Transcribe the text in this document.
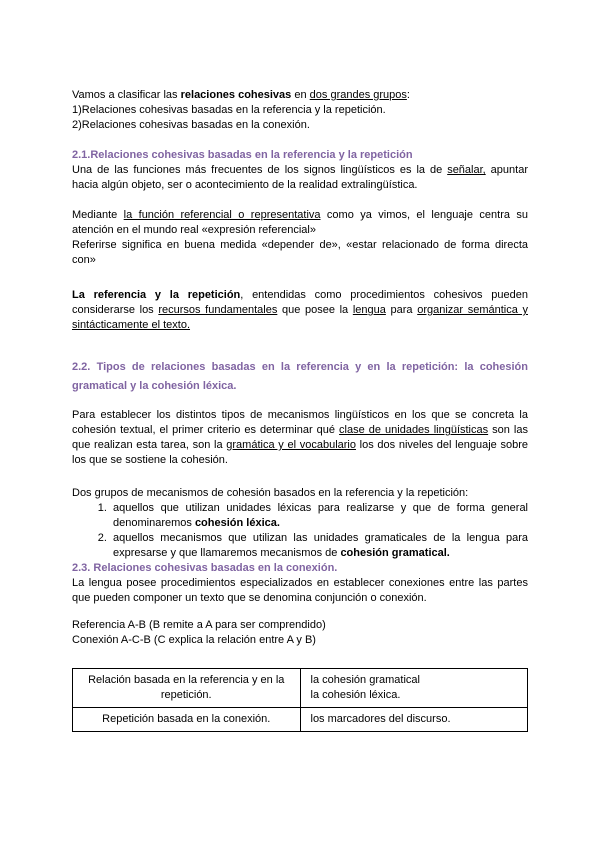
Vamos a clasificar las relaciones cohesivas en dos grandes grupos:

1)Relaciones cohesivas basadas en la referencia y la repetición.

2)Relaciones cohesivas basadas en la conexión.

2.1.Relaciones cohesivas basadas en la referencia y la repetición

Una de las funciones más frecuentes de los signos lingüísticos es la de señalar, apuntar hacia algún objeto, ser o acontecimiento de la realidad extralingüística.

Mediante la función referencial o representativa como ya vimos, el lenguaje centra su atención en el mundo real «expresión referencial»

Referirse significa en buena medida «depender de», «estar relacionado de forma directa con»

La referencia y la repetición, entendidas como procedimientos cohesivos pueden considerarse los recursos fundamentales que posee la lengua para organizar semántica y sintácticamente el texto.

2.2. Tipos de relaciones basadas en la referencia y en la repetición: la cohesión gramatical y la cohesión léxica.

Para establecer los distintos tipos de mecanismos lingüísticos en los que se concreta la cohesión textual, el primer criterio es determinar qué clase de unidades lingüísticas son las que realizan esta tarea, son la gramática y el vocabulario los dos niveles del lenguaje sobre los que se sostiene la cohesión.

Dos grupos de mecanismos de cohesión basados en la referencia y la repetición:

1. aquellos que utilizan unidades léxicas para realizarse y que de forma general denominaremos cohesión léxica.
2. aquellos mecanismos que utilizan las unidades gramaticales de la lengua para expresarse y que llamaremos mecanismos de cohesión gramatical.
2.3. Relaciones cohesivas basadas en la conexión.

La lengua posee procedimientos especializados en establecer conexiones entre las partes que pueden componer un texto que se denomina conjunción o conexión.

Referencia A-B (B remite a A para ser comprendido)

Conexión A-C-B (C explica la relación entre A y B)

Relación basada en la referencia y en la repetición.	la cohesión gramatical
la cohesión léxica.

Repetición basada en la conexión.	los marcadores del discurso.
